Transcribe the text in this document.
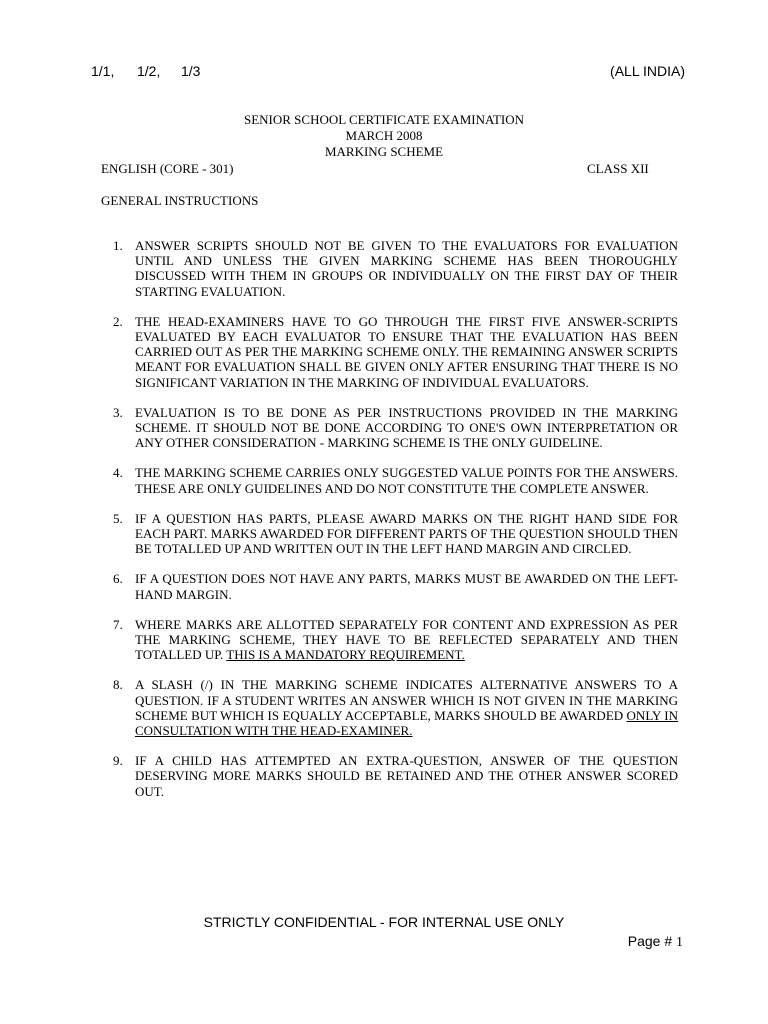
1/1, 1/2, 1/3	(ALL INDIA)
SENIOR SCHOOL CERTIFICATE EXAMINATION
MARCH 2008
MARKING SCHEME
ENGLISH (CORE - 301)	CLASS XII
GENERAL INSTRUCTIONS
1. ANSWER SCRIPTS SHOULD NOT BE GIVEN TO THE EVALUATORS FOR EVALUATION UNTIL AND UNLESS THE GIVEN MARKING SCHEME HAS BEEN THOROUGHLY DISCUSSED WITH THEM IN GROUPS OR INDIVIDUALLY ON THE FIRST DAY OF THEIR STARTING EVALUATION.
2. THE HEAD-EXAMINERS HAVE TO GO THROUGH THE FIRST FIVE ANSWER-SCRIPTS EVALUATED BY EACH EVALUATOR TO ENSURE THAT THE EVALUATION HAS BEEN CARRIED OUT AS PER THE MARKING SCHEME ONLY. THE REMAINING ANSWER SCRIPTS MEANT FOR EVALUATION SHALL BE GIVEN ONLY AFTER ENSURING THAT THERE IS NO SIGNIFICANT VARIATION IN THE MARKING OF INDIVIDUAL EVALUATORS.
3. EVALUATION IS TO BE DONE AS PER INSTRUCTIONS PROVIDED IN THE MARKING SCHEME. IT SHOULD NOT BE DONE ACCORDING TO ONE'S OWN INTERPRETATION OR ANY OTHER CONSIDERATION - MARKING SCHEME IS THE ONLY GUIDELINE.
4. THE MARKING SCHEME CARRIES ONLY SUGGESTED VALUE POINTS FOR THE ANSWERS. THESE ARE ONLY GUIDELINES AND DO NOT CONSTITUTE THE COMPLETE ANSWER.
5. IF A QUESTION HAS PARTS, PLEASE AWARD MARKS ON THE RIGHT HAND SIDE FOR EACH PART. MARKS AWARDED FOR DIFFERENT PARTS OF THE QUESTION SHOULD THEN BE TOTALLED UP AND WRITTEN OUT IN THE LEFT HAND MARGIN AND CIRCLED.
6. IF A QUESTION DOES NOT HAVE ANY PARTS, MARKS MUST BE AWARDED ON THE LEFT-HAND MARGIN.
7. WHERE MARKS ARE ALLOTTED SEPARATELY FOR CONTENT AND EXPRESSION AS PER THE MARKING SCHEME, THEY HAVE TO BE REFLECTED SEPARATELY AND THEN TOTALLED UP. THIS IS A MANDATORY REQUIREMENT.
8. A SLASH (/) IN THE MARKING SCHEME INDICATES ALTERNATIVE ANSWERS TO A QUESTION. IF A STUDENT WRITES AN ANSWER WHICH IS NOT GIVEN IN THE MARKING SCHEME BUT WHICH IS EQUALLY ACCEPTABLE, MARKS SHOULD BE AWARDED ONLY IN CONSULTATION WITH THE HEAD-EXAMINER.
9. IF A CHILD HAS ATTEMPTED AN EXTRA-QUESTION, ANSWER OF THE QUESTION DESERVING MORE MARKS SHOULD BE RETAINED AND THE OTHER ANSWER SCORED OUT.
STRICTLY CONFIDENTIAL - FOR INTERNAL USE ONLY
Page # 1
